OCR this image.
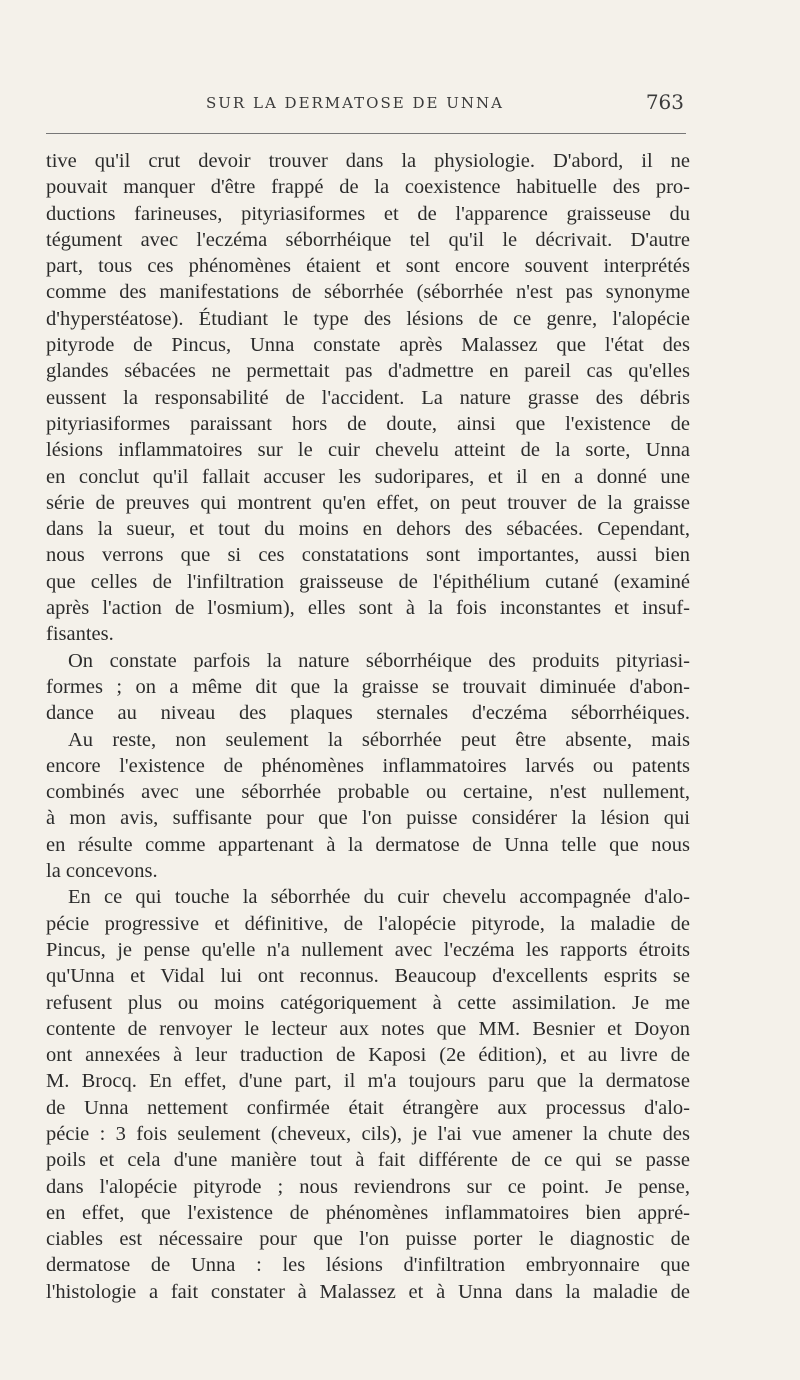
SUR LA DERMATOSE DE UNNA	763
tive qu'il crut devoir trouver dans la physiologie. D'abord, il ne
pouvait manquer d'être frappé de la coexistence habituelle des pro-
ductions farineuses, pityriasiformes et de l'apparence graisseuse du
tégument avec l'eczéma séborrhéique tel qu'il le décrivait. D'autre
part, tous ces phénomènes étaient et sont encore souvent interprétés
comme des manifestations de séborrhée (séborrhée n'est pas synonyme
d'hyperstéatose). Étudiant le type des lésions de ce genre, l'alopécie
pityrode de Pincus, Unna constate après Malassez que l'état des
glandes sébacées ne permettait pas d'admettre en pareil cas qu'elles
eussent la responsabilité de l'accident. La nature grasse des débris
pityriasiformes paraissant hors de doute, ainsi que l'existence de
lésions inflammatoires sur le cuir chevelu atteint de la sorte, Unna
en conclut qu'il fallait accuser les sudoripares, et il en a donné une
série de preuves qui montrent qu'en effet, on peut trouver de la graisse
dans la sueur, et tout du moins en dehors des sébacées. Cependant,
nous verrons que si ces constatations sont importantes, aussi bien
que celles de l'infiltration graisseuse de l'épithélium cutané (examiné
après l'action de l'osmium), elles sont à la fois inconstantes et insuf-
fisantes.
On constate parfois la nature séborrhéique des produits pityriasi-
formes ; on a même dit que la graisse se trouvait diminuée d'abon-
dance au niveau des plaques sternales d'eczéma séborrhéiques.
Au reste, non seulement la séborrhée peut être absente, mais
encore l'existence de phénomènes inflammatoires larvés ou patents
combinés avec une séborrhée probable ou certaine, n'est nullement,
à mon avis, suffisante pour que l'on puisse considérer la lésion qui
en résulte comme appartenant à la dermatose de Unna telle que nous
la concevons.
En ce qui touche la séborrhée du cuir chevelu accompagnée d'alo-
pécie progressive et définitive, de l'alopécie pityrode, la maladie de
Pincus, je pense qu'elle n'a nullement avec l'eczéma les rapports étroits
qu'Unna et Vidal lui ont reconnus. Beaucoup d'excellents esprits se
refusent plus ou moins catégoriquement à cette assimilation. Je me
contente de renvoyer le lecteur aux notes que MM. Besnier et Doyon
ont annexées à leur traduction de Kaposi (2e édition), et au livre de
M. Brocq. En effet, d'une part, il m'a toujours paru que la dermatose
de Unna nettement confirmée était étrangère aux processus d'alo-
pécie : 3 fois seulement (cheveux, cils), je l'ai vue amener la chute des
poils et cela d'une manière tout à fait différente de ce qui se passe
dans l'alopécie pityrode ; nous reviendrons sur ce point. Je pense,
en effet, que l'existence de phénomènes inflammatoires bien appré-
ciables est nécessaire pour que l'on puisse porter le diagnostic de
dermatose de Unna : les lésions d'infiltration embryonnaire que
l'histologie a fait constater à Malassez et à Unna dans la maladie de
